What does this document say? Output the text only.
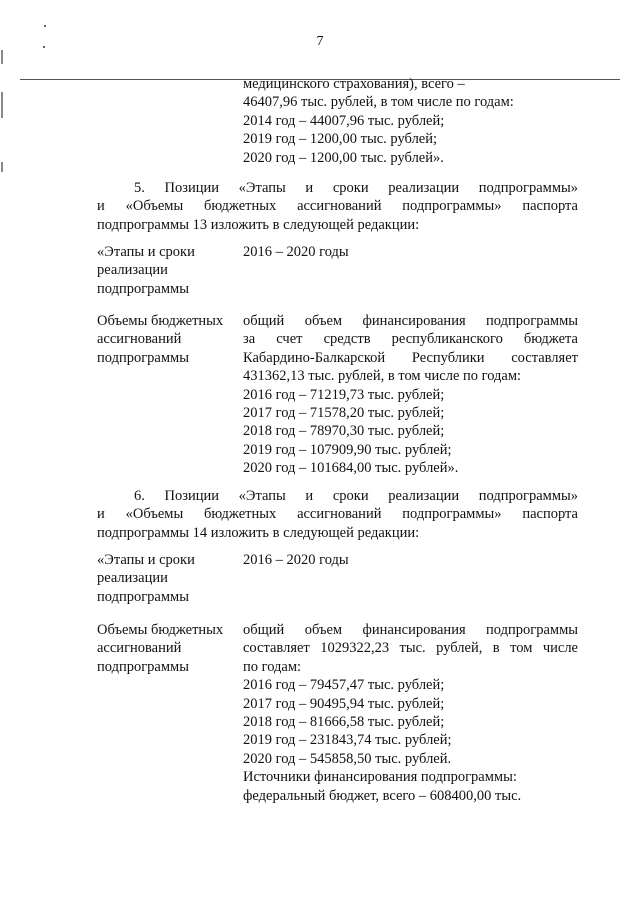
7
медицинского страхования), всего –
46407,96 тыс. рублей, в том числе по годам:
2014 год – 44007,96 тыс. рублей;
2019 год – 1200,00 тыс. рублей;
2020 год – 1200,00 тыс. рублей».
5. Позиции «Этапы и сроки реализации подпрограммы»
и «Объемы бюджетных ассигнований подпрограммы» паспорта
подпрограммы 13 изложить в следующей редакции:
«Этапы и сроки
реализации
подпрограммы
2016 – 2020 годы
Объемы бюджетных
ассигнований
подпрограммы
общий объем финансирования подпрограммы
за счет средств республиканского бюджета
Кабардино-Балкарской Республики составляет
431362,13 тыс. рублей, в том числе по годам:
2016 год – 71219,73 тыс. рублей;
2017 год – 71578,20 тыс. рублей;
2018 год – 78970,30 тыс. рублей;
2019 год – 107909,90 тыс. рублей;
2020 год – 101684,00 тыс. рублей».
6. Позиции «Этапы и сроки реализации подпрограммы»
и «Объемы бюджетных ассигнований подпрограммы» паспорта
подпрограммы 14 изложить в следующей редакции:
«Этапы и сроки
реализации
подпрограммы
2016 – 2020 годы
Объемы бюджетных
ассигнований
подпрограммы
общий объем финансирования подпрограммы
составляет 1029322,23 тыс. рублей, в том числе
по годам:
2016 год – 79457,47 тыс. рублей;
2017 год – 90495,94 тыс. рублей;
2018 год – 81666,58 тыс. рублей;
2019 год – 231843,74 тыс. рублей;
2020 год – 545858,50 тыс. рублей.
Источники финансирования подпрограммы:
федеральный бюджет, всего – 608400,00 тыс.
